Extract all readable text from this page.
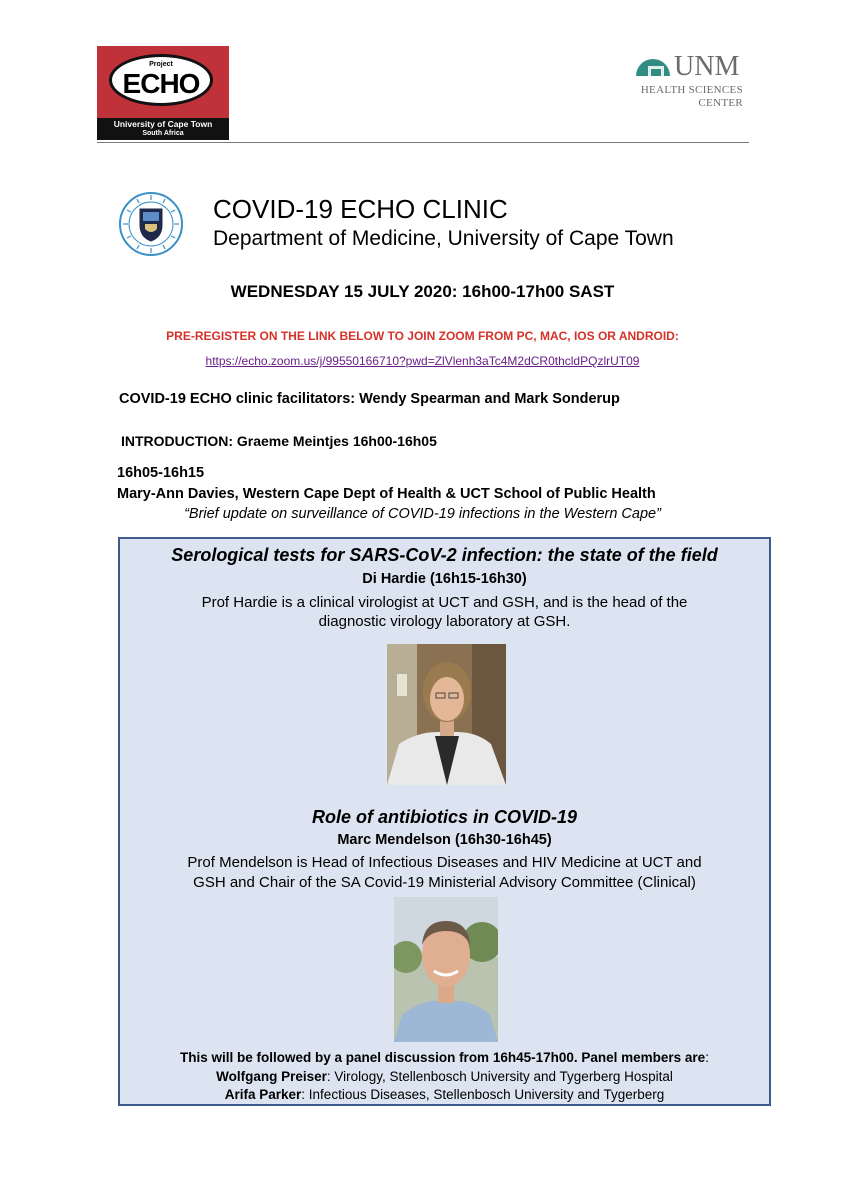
Project
ECHO
University of Cape Town
South Africa
UNM
HEALTH SCIENCES
CENTER
COVID-19 ECHO CLINIC
Department of Medicine, University of Cape Town
WEDNESDAY 15 JULY 2020: 16h00-17h00 SAST
PRE-REGISTER ON THE LINK BELOW TO JOIN ZOOM FROM PC, MAC, IOS OR ANDROID:
https://echo.zoom.us/j/99550166710?pwd=ZlVlenh3aTc4M2dCR0thcldPQzlrUT09
COVID-19 ECHO clinic facilitators: Wendy Spearman and Mark Sonderup
INTRODUCTION: Graeme Meintjes 16h00-16h05
16h05-16h15
Mary-Ann Davies, Western Cape Dept of Health & UCT School of Public Health
“Brief update on surveillance of COVID-19 infections in the Western Cape”
Serological tests for SARS-CoV-2 infection: the state of the field
Di Hardie (16h15-16h30)
Prof Hardie is a clinical virologist at UCT and GSH, and is the head of the
diagnostic virology laboratory at GSH.
Role of antibiotics in COVID-19
Marc Mendelson (16h30-16h45)
Prof Mendelson is Head of Infectious Diseases and HIV Medicine at UCT and
GSH and Chair of the SA Covid-19 Ministerial Advisory Committee (Clinical)
This will be followed by a panel discussion from 16h45-17h00. Panel members are:
Wolfgang Preiser: Virology, Stellenbosch University and Tygerberg Hospital
Arifa Parker: Infectious Diseases, Stellenbosch University and Tygerberg
